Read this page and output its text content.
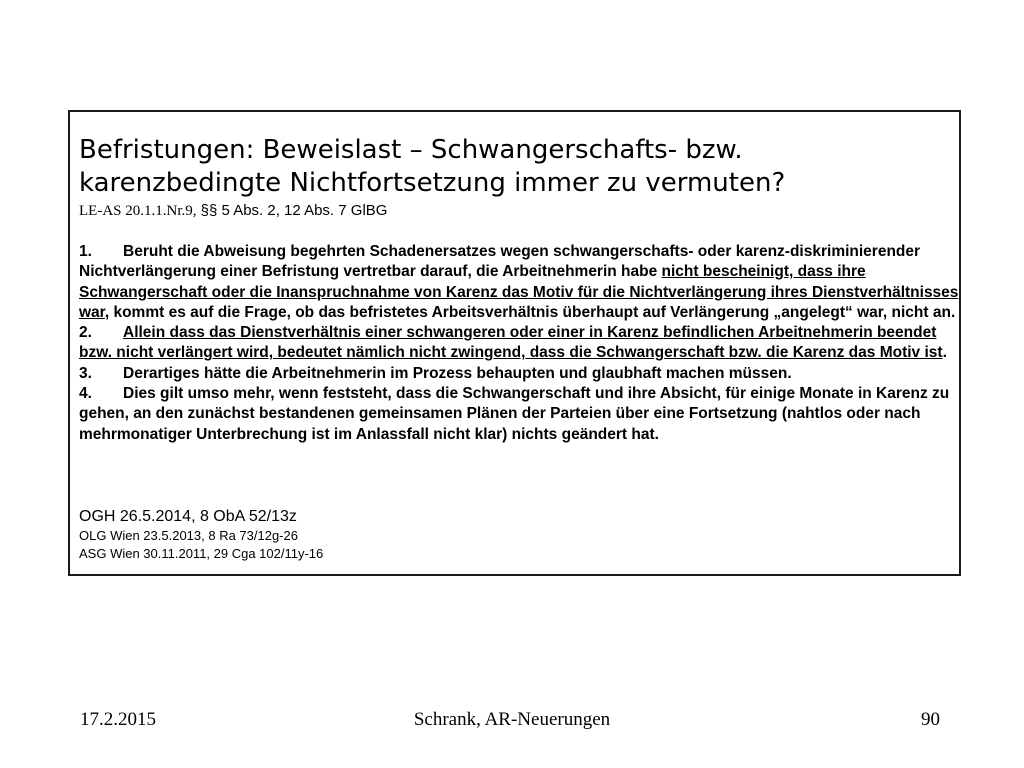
Befristungen: Beweislast – Schwangerschafts- bzw.
karenzbedingte Nichtfortsetzung immer zu vermuten?
LE-AS 20.1.1.Nr.9, §§ 5 Abs. 2, 12 Abs. 7 GlBG

1. Beruht die Abweisung begehrten Schadenersatzes wegen schwangerschafts- oder karenz-diskriminierender Nichtverlängerung einer Befristung vertretbar darauf, die Arbeitnehmerin habe nicht bescheinigt, dass ihre Schwangerschaft oder die Inanspruchnahme von Karenz das Motiv für die Nichtverlängerung ihres Dienstverhältnisses war, kommt es auf die Frage, ob das befristetes Arbeitsverhältnis überhaupt auf Verlängerung „angelegt“ war, nicht an.

2. Allein dass das Dienstverhältnis einer schwangeren oder einer in Karenz befindlichen Arbeitnehmerin beendet bzw. nicht verlängert wird, bedeutet nämlich nicht zwingend, dass die Schwangerschaft bzw. die Karenz das Motiv ist.

3. Derartiges hätte die Arbeitnehmerin im Prozess behaupten und glaubhaft machen müssen.

4. Dies gilt umso mehr, wenn feststeht, dass die Schwangerschaft und ihre Absicht, für einige Monate in Karenz zu gehen, an den zunächst bestandenen gemeinsamen Plänen der Parteien über eine Fortsetzung (nahtlos oder nach mehrmonatiger Unterbrechung ist im Anlassfall nicht klar) nichts geändert hat.

OGH 26.5.2014, 8 ObA 52/13z
OLG Wien 23.5.2013, 8 Ra 73/12g-26
ASG Wien 30.11.2011, 29 Cga 102/11y-16
17.2.2015	Schrank, AR-Neuerungen	90
